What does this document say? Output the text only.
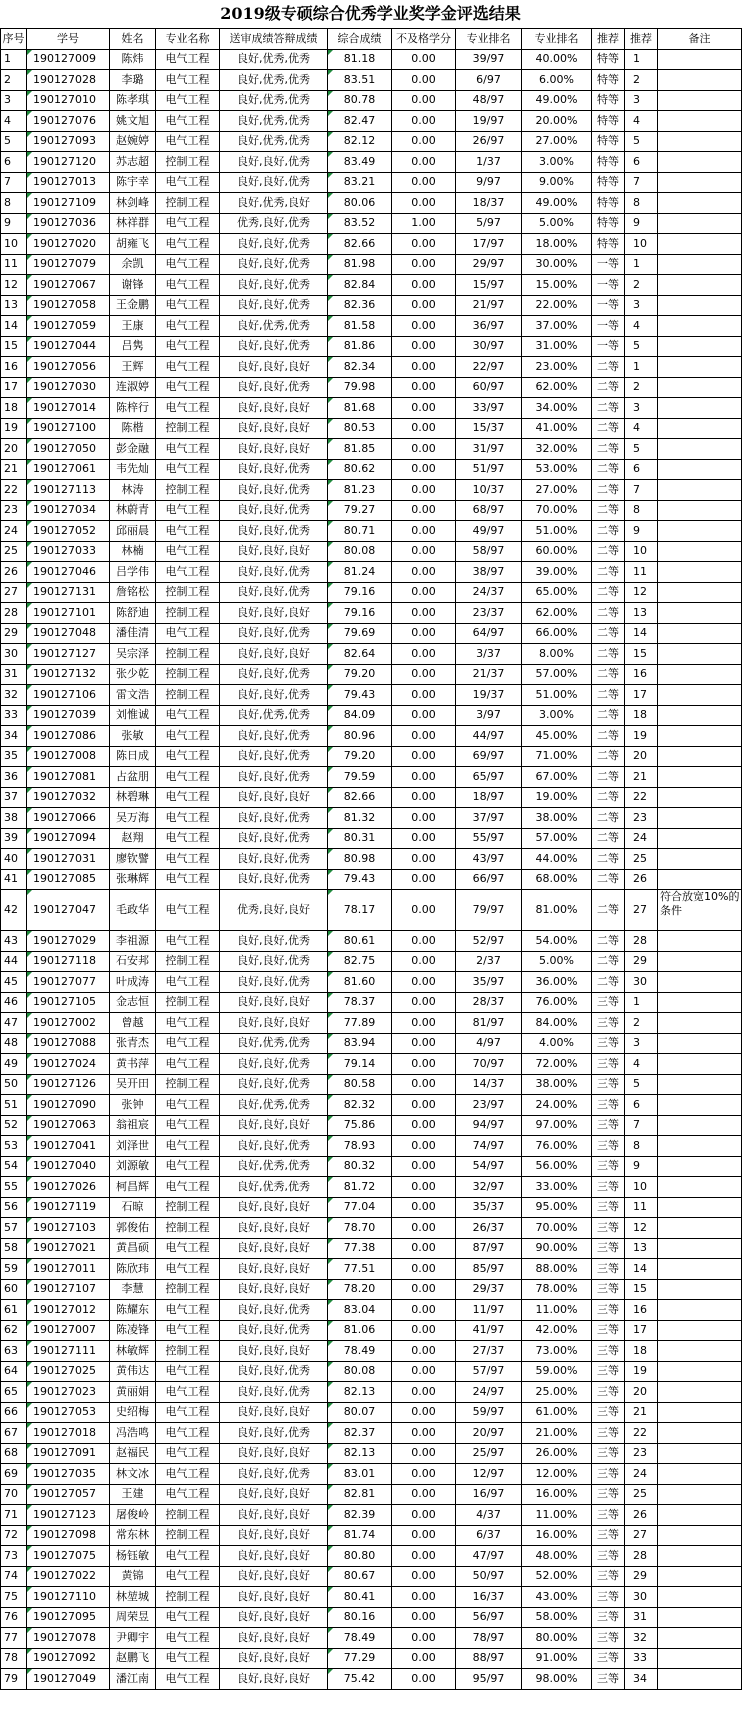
2019级专硕综合优秀学业奖学金评选结果
序号	学号	姓名	专业名称	送审成绩答辩成绩	综合成绩	不及格学分	专业排名	专业排名	推荐	推荐	备注
1	190127009	陈炜	电气工程	良好,优秀,优秀	81.18	0.00	39/97	40.00%	特等	1	
2	190127028	李璐	电气工程	良好,优秀,优秀	83.51	0.00	6/97	6.00%	特等	2	
3	190127010	陈孝琪	电气工程	良好,优秀,优秀	80.78	0.00	48/97	49.00%	特等	3	
4	190127076	姚文旭	电气工程	良好,优秀,优秀	82.47	0.00	19/97	20.00%	特等	4	
5	190127093	赵婉婷	电气工程	良好,优秀,优秀	82.12	0.00	26/97	27.00%	特等	5	
6	190127120	苏志超	控制工程	良好,良好,优秀	83.49	0.00	1/37	3.00%	特等	6	
7	190127013	陈宇幸	电气工程	良好,良好,优秀	83.21	0.00	9/97	9.00%	特等	7	
8	190127109	林剑峰	控制工程	良好,优秀,良好	80.06	0.00	18/37	49.00%	特等	8	
9	190127036	林祥群	电气工程	优秀,良好,优秀	83.52	1.00	5/97	5.00%	特等	9	
10	190127020	胡雍飞	电气工程	良好,良好,优秀	82.66	0.00	17/97	18.00%	特等	10	
11	190127079	余凯	电气工程	良好,良好,优秀	81.98	0.00	29/97	30.00%	一等	1	
12	190127067	谢锋	电气工程	良好,良好,优秀	82.84	0.00	15/97	15.00%	一等	2	
13	190127058	王金鹏	电气工程	良好,良好,优秀	82.36	0.00	21/97	22.00%	一等	3	
14	190127059	王康	电气工程	良好,优秀,优秀	81.58	0.00	36/97	37.00%	一等	4	
15	190127044	吕隽	电气工程	良好,良好,优秀	81.86	0.00	30/97	31.00%	一等	5	
16	190127056	王辉	电气工程	良好,良好,良好	82.34	0.00	22/97	23.00%	二等	1	
17	190127030	连淑婷	电气工程	良好,良好,优秀	79.98	0.00	60/97	62.00%	二等	2	
18	190127014	陈梓行	电气工程	良好,良好,良好	81.68	0.00	33/97	34.00%	二等	3	
19	190127100	陈楷	控制工程	良好,良好,良好	80.53	0.00	15/37	41.00%	二等	4	
20	190127050	彭金融	电气工程	良好,良好,良好	81.85	0.00	31/97	32.00%	二等	5	
21	190127061	韦先灿	电气工程	良好,良好,优秀	80.62	0.00	51/97	53.00%	二等	6	
22	190127113	林涛	控制工程	良好,良好,优秀	81.23	0.00	10/37	27.00%	二等	7	
23	190127034	林蔚青	电气工程	良好,良好,优秀	79.27	0.00	68/97	70.00%	二等	8	
24	190127052	邱丽晨	电气工程	良好,良好,优秀	80.71	0.00	49/97	51.00%	二等	9	
25	190127033	林楠	电气工程	良好,良好,良好	80.08	0.00	58/97	60.00%	二等	10	
26	190127046	吕学伟	电气工程	良好,良好,优秀	81.24	0.00	38/97	39.00%	二等	11	
27	190127131	詹铭松	控制工程	良好,良好,优秀	79.16	0.00	24/37	65.00%	二等	12	
28	190127101	陈舒迪	控制工程	良好,良好,良好	79.16	0.00	23/37	62.00%	二等	13	
29	190127048	潘佳清	电气工程	良好,良好,优秀	79.69	0.00	64/97	66.00%	二等	14	
30	190127127	吴宗泽	控制工程	良好,良好,良好	82.64	0.00	3/37	8.00%	二等	15	
31	190127132	张少乾	控制工程	良好,良好,优秀	79.20	0.00	21/37	57.00%	二等	16	
32	190127106	雷文浩	控制工程	良好,良好,优秀	79.43	0.00	19/37	51.00%	二等	17	
33	190127039	刘惟诚	电气工程	良好,优秀,优秀	84.09	0.00	3/97	3.00%	二等	18	
34	190127086	张敏	电气工程	良好,良好,优秀	80.96	0.00	44/97	45.00%	二等	19	
35	190127008	陈日成	电气工程	良好,良好,优秀	79.20	0.00	69/97	71.00%	二等	20	
36	190127081	占盆朋	电气工程	良好,良好,优秀	79.59	0.00	65/97	67.00%	二等	21	
37	190127032	林碧琳	电气工程	良好,良好,良好	82.66	0.00	18/97	19.00%	二等	22	
38	190127066	吴万海	电气工程	良好,良好,优秀	81.32	0.00	37/97	38.00%	二等	23	
39	190127094	赵翔	电气工程	良好,良好,优秀	80.31	0.00	55/97	57.00%	二等	24	
40	190127031	廖钦譬	电气工程	良好,良好,优秀	80.98	0.00	43/97	44.00%	二等	25	
41	190127085	张琳辉	电气工程	良好,良好,优秀	79.43	0.00	66/97	68.00%	二等	26	
42	190127047	毛政华	电气工程	优秀,良好,良好	78.17	0.00	79/97	81.00%	二等	27	符合放宽10%的条件
43	190127029	李祖源	电气工程	良好,良好,优秀	80.61	0.00	52/97	54.00%	二等	28	
44	190127118	石安邦	控制工程	良好,良好,优秀	82.75	0.00	2/37	5.00%	二等	29	
45	190127077	叶成涛	电气工程	良好,良好,优秀	81.60	0.00	35/97	36.00%	二等	30	
46	190127105	金志恒	控制工程	良好,良好,良好	78.37	0.00	28/37	76.00%	三等	1	
47	190127002	曾越	电气工程	良好,良好,良好	77.89	0.00	81/97	84.00%	三等	2	
48	190127088	张青杰	电气工程	良好,优秀,优秀	83.94	0.00	4/97	4.00%	三等	3	
49	190127024	黄书萍	电气工程	良好,良好,优秀	79.14	0.00	70/97	72.00%	三等	4	
50	190127126	吴开田	控制工程	良好,良好,优秀	80.58	0.00	14/37	38.00%	三等	5	
51	190127090	张钟	电气工程	良好,优秀,优秀	82.32	0.00	23/97	24.00%	三等	6	
52	190127063	翁祖宸	电气工程	良好,良好,良好	75.86	0.00	94/97	97.00%	三等	7	
53	190127041	刘泽世	电气工程	良好,良好,优秀	78.93	0.00	74/97	76.00%	三等	8	
54	190127040	刘源敏	电气工程	良好,优秀,优秀	80.32	0.00	54/97	56.00%	三等	9	
55	190127026	柯昌辉	电气工程	良好,优秀,优秀	81.72	0.00	32/97	33.00%	三等	10	
56	190127119	石晾	控制工程	良好,良好,良好	77.04	0.00	35/37	95.00%	三等	11	
57	190127103	郭俊佑	控制工程	良好,良好,良好	78.70	0.00	26/37	70.00%	三等	12	
58	190127021	黄昌硕	电气工程	良好,良好,良好	77.38	0.00	87/97	90.00%	三等	13	
59	190127011	陈欣玮	电气工程	良好,良好,良好	77.51	0.00	85/97	88.00%	三等	14	
60	190127107	李慧	控制工程	良好,良好,良好	78.20	0.00	29/37	78.00%	三等	15	
61	190127012	陈耀东	电气工程	良好,良好,优秀	83.04	0.00	11/97	11.00%	三等	16	
62	190127007	陈凌锋	电气工程	良好,良好,优秀	81.06	0.00	41/97	42.00%	三等	17	
63	190127111	林敏辉	控制工程	良好,良好,良好	78.49	0.00	27/37	73.00%	三等	18	
64	190127025	黄伟达	电气工程	良好,良好,优秀	80.08	0.00	57/97	59.00%	三等	19	
65	190127023	黄丽娟	电气工程	良好,良好,优秀	82.13	0.00	24/97	25.00%	三等	20	
66	190127053	史绍梅	电气工程	良好,良好,良好	80.07	0.00	59/97	61.00%	三等	21	
67	190127018	冯浩鸣	电气工程	良好,良好,优秀	82.37	0.00	20/97	21.00%	三等	22	
68	190127091	赵福民	电气工程	良好,良好,良好	82.13	0.00	25/97	26.00%	三等	23	
69	190127035	林文冰	电气工程	良好,良好,优秀	83.01	0.00	12/97	12.00%	三等	24	
70	190127057	王建	电气工程	良好,良好,良好	82.81	0.00	16/97	16.00%	三等	25	
71	190127123	屠俊岭	控制工程	良好,良好,良好	82.39	0.00	4/37	11.00%	三等	26	
72	190127098	常东林	控制工程	良好,良好,良好	81.74	0.00	6/37	16.00%	三等	27	
73	190127075	杨钰敏	电气工程	良好,良好,良好	80.80	0.00	47/97	48.00%	三等	28	
74	190127022	黄锦	电气工程	良好,良好,良好	80.67	0.00	50/97	52.00%	三等	29	
75	190127110	林堃城	控制工程	良好,良好,良好	80.41	0.00	16/37	43.00%	三等	30	
76	190127095	周荣昱	电气工程	良好,良好,良好	80.16	0.00	56/97	58.00%	三等	31	
77	190127078	尹卿宇	电气工程	良好,良好,良好	78.49	0.00	78/97	80.00%	三等	32	
78	190127092	赵鹏飞	电气工程	良好,良好,良好	77.29	0.00	88/97	91.00%	三等	33	
79	190127049	潘江南	电气工程	良好,良好,良好	75.42	0.00	95/97	98.00%	三等	34	
